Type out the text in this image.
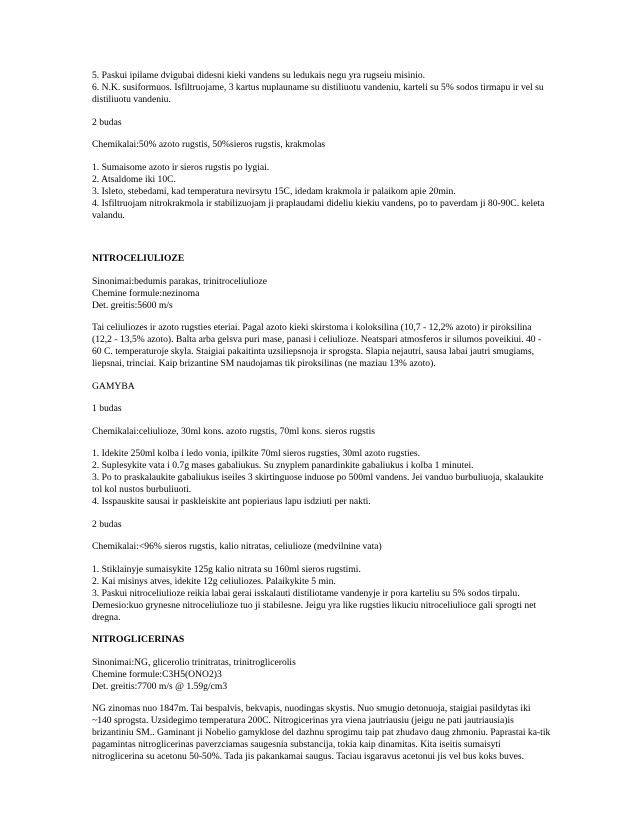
5. Paskui ipilame dvigubai didesni kieki vandens su ledukais negu yra rugseiu misinio.
6. N.K. susiformuos. Isfiltruojame, 3 kartus nuplauname su distiliuotu vandeniu, karteli su 5% sodos tirmapu ir vel su
distiliuotu vandeniu.
2 budas
Chemikalai:50% azoto rugstis, 50%sieros rugstis, krakmolas
1. Sumaisome azoto ir sieros rugstis po lygiai.
2. Atsaldome iki 10C.
3. Isleto, stebedami, kad temperatura nevirsytu 15C, idedam krakmola ir palaikom apie 20min.
4. Isfiltruojam nitrokrakmola ir stabilizuojam ji praplaudami dideliu kiekiu vandens, po to paverdam ji 80-90C. keleta
valandu.
NITROCELIULIOZE
Sinonimai:bedumis parakas, trinitroceliulioze
Chemine formule:nezinoma
Det. greitis:5600 m/s
Tai celiuliozes ir azoto rugsties eteriai. Pagal azoto kieki skirstoma i koloksilina (10,7 - 12,2% azoto) ir piroksilina
(12,2 - 13,5% azoto). Balta arba gelsva puri mase, panasi i celiulioze. Neatspari atmosferos ir silumos poveikiui. 40 -
60 C. temperaturoje skyla. Staigiai pakaitinta uzsiliepsnoja ir sprogsta. Slapia nejautri, sausa labai jautri smugiams,
liepsnai, trinciai. Kaip brizantine SM naudojamas tik piroksilinas (ne maziau 13% azoto).
GAMYBA
1 budas
Chemikalai:celiulioze, 30ml kons. azoto rugstis, 70ml kons. sieros rugstis
1. Idekite 250ml kolba i ledo vonia, ipilkite 70ml sieros rugsties, 30ml azoto rugsties.
2. Suplesykite vata i 0.7g mases gabaliukus. Su znyplem panardinkite gabaliukus i kolba 1 minutei.
3. Po to praskalaukite gabaliukus iseiles 3 skirtinguose induose po 500ml vandens. Jei vanduo burbuliuoja, skalaukite
tol kol nustos burbuliuoti.
4. Isspauskite sausai ir paskleiskite ant popieriaus lapu isdziuti per nakti.
2 budas
Chemikalai:<96% sieros rugstis, kalio nitratas, celiulioze (medvilnine vata)
1. Stiklainyje sumaisykite 125g kalio nitrata su 160ml sieros rugstimi.
2. Kai misinys atves, idekite 12g celiuliozes. Palaikykite 5 min.
3. Paskui nitroceliulioze reikia labai gerai isskalauti distiliotame vandenyje ir pora karteliu su 5% sodos tirpalu.
Demesio:kuo grynesne nitroceliulioze tuo ji stabilesne. Jeigu yra like rugsties likuciu nitroceliulioce gali sprogti net
dregna.
NITROGLICERINAS
Sinonimai:NG, glicerolio trinitratas, trinitroglicerolis
Chemine formule:C3H5(ONO2)3
Det. greitis:7700 m/s @ 1.59g/cm3
NG zinomas nuo 1847m. Tai bespalvis, bekvapis, nuodingas skystis. Nuo smugio detonuoja, staigiai pasildytas iki
~140 sprogsta. Uzsidegimo temperatura 200C. Nitrogicerinas yra viena jautriausiu (jeigu ne pati jautriausia)is
brizantiniu SM.. Gaminant ji Nobelio gamyklose del dazhnu sprogimu taip pat zhudavo daug zhmoniu. Paprastai ka-tik
pagamintas nitroglicerinas paverzciamas saugesnia substancija, tokia kaip dinamitas. Kita iseitis sumaisyti
nitroglicerina su acetonu 50-50%. Tada jis pakankamai saugus. Taciau isgaravus acetonui jis vel bus koks buves.
